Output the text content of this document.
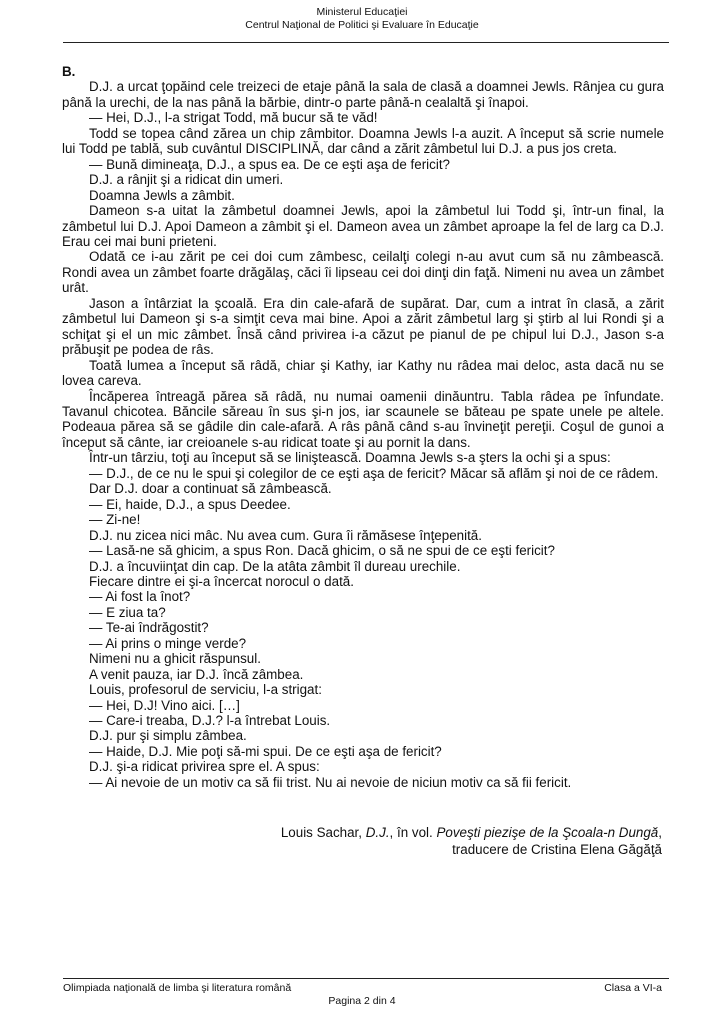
Ministerul Educaţiei
Centrul Naţional de Politici şi Evaluare în Educaţie

B.

D.J. a urcat ţopăind cele treizeci de etaje până la sala de clasă a doamnei Jewls. Rânjea cu gura până la urechi, de la nas până la bărbie, dintr-o parte până-n cealaltă şi înapoi.

— Hei, D.J., l-a strigat Todd, mă bucur să te văd!

Todd se topea când zărea un chip zâmbitor. Doamna Jewls l-a auzit. A început să scrie numele lui Todd pe tablă, sub cuvântul DISCIPLINĂ, dar când a zărit zâmbetul lui D.J. a pus jos creta.

— Bună dimineaţa, D.J., a spus ea. De ce eşti aşa de fericit?

D.J. a rânjit şi a ridicat din umeri.

Doamna Jewls a zâmbit.

Dameon s-a uitat la zâmbetul doamnei Jewls, apoi la zâmbetul lui Todd şi, într-un final, la zâmbetul lui D.J. Apoi Dameon a zâmbit şi el. Dameon avea un zâmbet aproape la fel de larg ca D.J. Erau cei mai buni prieteni.

Odată ce i-au zărit pe cei doi cum zâmbesc, ceilalţi colegi n-au avut cum să nu zâmbească. Rondi avea un zâmbet foarte drăgălaş, căci îi lipseau cei doi dinţi din faţă. Nimeni nu avea un zâmbet urât.

Jason a întârziat la şcoală. Era din cale-afară de supărat. Dar, cum a intrat în clasă, a zărit zâmbetul lui Dameon şi s-a simţit ceva mai bine. Apoi a zărit zâmbetul larg şi ştirb al lui Rondi şi a schiţat şi el un mic zâmbet. Însă când privirea i-a căzut pe pianul de pe chipul lui D.J., Jason s-a prăbuşit pe podea de râs.

Toată lumea a început să râdă, chiar şi Kathy, iar Kathy nu râdea mai deloc, asta dacă nu se lovea careva.

Încăperea întreagă părea să râdă, nu numai oamenii dinăuntru. Tabla râdea pe înfundate. Tavanul chicotea. Băncile săreau în sus şi-n jos, iar scaunele se băteau pe spate unele pe altele. Podeaua părea să se gâdile din cale-afară. A râs până când s-au învineţit pereţii. Coşul de gunoi a început să cânte, iar creioanele s-au ridicat toate şi au pornit la dans.

Într-un târziu, toţi au început să se liniştească. Doamna Jewls s-a şters la ochi şi a spus:

— D.J., de ce nu le spui şi colegilor de ce eşti aşa de fericit? Măcar să aflăm şi noi de ce râdem.

Dar D.J. doar a continuat să zâmbească.

— Ei, haide, D.J., a spus Deedee.

— Zi-ne!

D.J. nu zicea nici mâc. Nu avea cum. Gura îi rămăsese înţepenită.

— Lasă-ne să ghicim, a spus Ron. Dacă ghicim, o să ne spui de ce eşti fericit?

D.J. a încuviinţat din cap. De la atâta zâmbit îl dureau urechile.

Fiecare dintre ei şi-a încercat norocul o dată.

— Ai fost la înot?

— E ziua ta?

— Te-ai îndrăgostit?

— Ai prins o minge verde?

Nimeni nu a ghicit răspunsul.

A venit pauza, iar D.J. încă zâmbea.

Louis, profesorul de serviciu, l-a strigat:

— Hei, D.J! Vino aici. […]

— Care-i treaba, D.J.? l-a întrebat Louis.

D.J. pur şi simplu zâmbea.

— Haide, D.J. Mie poţi să-mi spui. De ce eşti aşa de fericit?

D.J. şi-a ridicat privirea spre el. A spus:

— Ai nevoie de un motiv ca să fii trist. Nu ai nevoie de niciun motiv ca să fii fericit.

Louis Sachar, D.J., în vol. Poveşti piezişe de la Şcoala-n Dungă,
traducere de Cristina Elena Găgăţă
Olimpiada naţională de limba şi literatura română	Clasa a VI-a
Pagina 2 din 4
